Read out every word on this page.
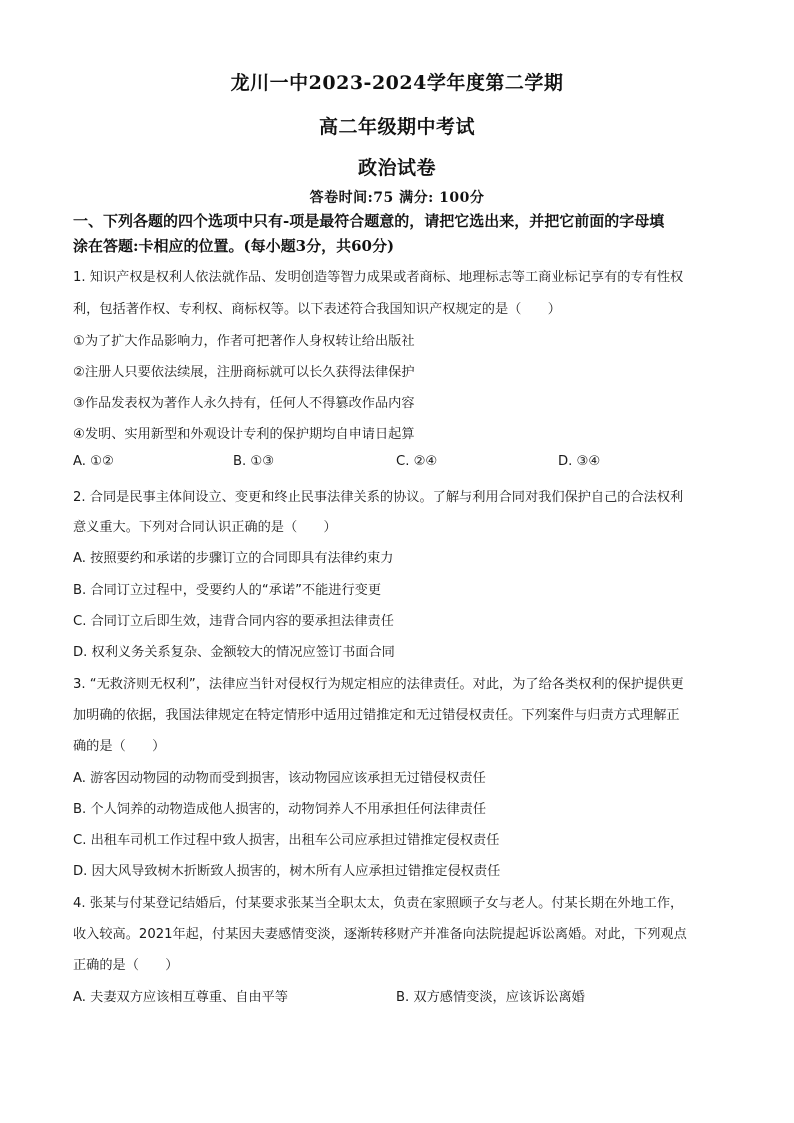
龙川一中2023-2024学年度第二学期
高二年级期中考试
政治试卷
答卷时间:75 满分: 100分
一、下列各题的四个选项中只有-项是最符合题意的，请把它选出来，并把它前面的字母填
涂在答题:卡相应的位置。(每小题3分，共60分)
1. 知识产权是权利人依法就作品、发明创造等智力成果或者商标、地理标志等工商业标记享有的专有性权
利，包括著作权、专利权、商标权等。以下表述符合我国知识产权规定的是（　　）
①为了扩大作品影响力，作者可把著作人身权转让给出版社
②注册人只要依法续展，注册商标就可以长久获得法律保护
③作品发表权为著作人永久持有，任何人不得篡改作品内容
④发明、实用新型和外观设计专利的保护期均自申请日起算
A. ①②	B. ①③	C. ②④	D. ③④
2. 合同是民事主体间设立、变更和终止民事法律关系的协议。了解与利用合同对我们保护自己的合法权利
意义重大。下列对合同认识正确的是（　　）
A. 按照要约和承诺的步骤订立的合同即具有法律约束力
B. 合同订立过程中，受要约人的“承诺”不能进行变更
C. 合同订立后即生效，违背合同内容的要承担法律责任
D. 权利义务关系复杂、金额较大的情况应签订书面合同
3. “无救济则无权利”，法律应当针对侵权行为规定相应的法律责任。对此，为了给各类权利的保护提供更
加明确的依据，我国法律规定在特定情形中适用过错推定和无过错侵权责任。下列案件与归责方式理解正
确的是（　　）
A. 游客因动物园的动物而受到损害，该动物园应该承担无过错侵权责任
B. 个人饲养的动物造成他人损害的，动物饲养人不用承担任何法律责任
C. 出租车司机工作过程中致人损害，出租车公司应承担过错推定侵权责任
D. 因大风导致树木折断致人损害的，树木所有人应承担过错推定侵权责任
4. 张某与付某登记结婚后，付某要求张某当全职太太，负责在家照顾子女与老人。付某长期在外地工作，
收入较高。2021年起，付某因夫妻感情变淡，逐渐转移财产并准备向法院提起诉讼离婚。对此，下列观点
正确的是（　　）
A. 夫妻双方应该相互尊重、自由平等	B. 双方感情变淡，应该诉讼离婚
